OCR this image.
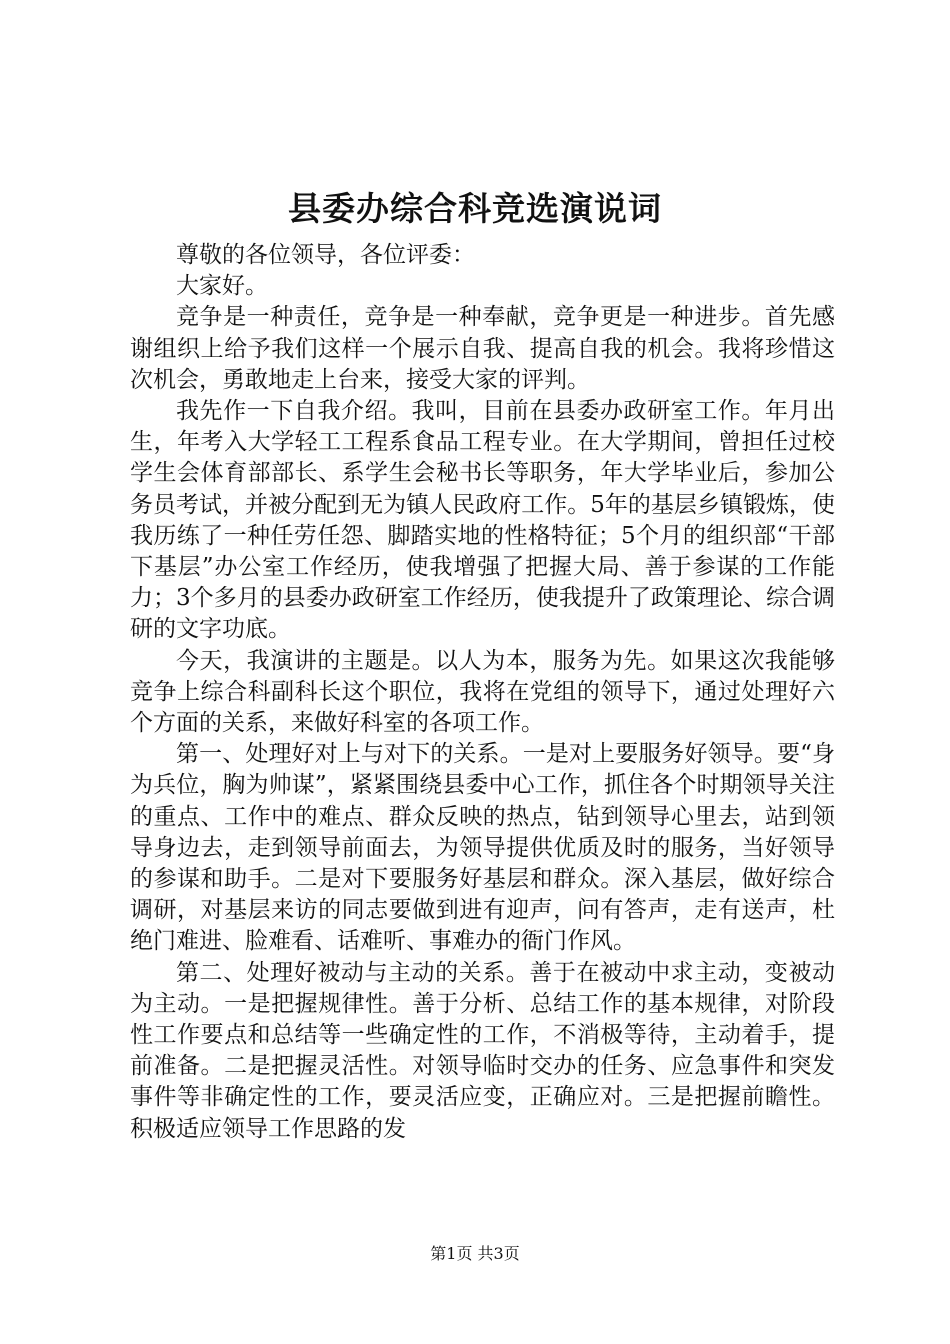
县委办综合科竞选演说词

尊敬的各位领导，各位评委：

大家好。

竞争是一种责任，竞争是一种奉献，竞争更是一种进步。首先感谢组织上给予我们这样一个展示自我、提高自我的机会。我将珍惜这次机会，勇敢地走上台来，接受大家的评判。

我先作一下自我介绍。我叫，目前在县委办政研室工作。年月出生，年考入大学轻工工程系食品工程专业。在大学期间，曾担任过校学生会体育部部长、系学生会秘书长等职务，年大学毕业后，参加公务员考试，并被分配到无为镇人民政府工作。5年的基层乡镇锻炼，使我历练了一种任劳任怨、脚踏实地的性格特征；5个月的组织部“干部下基层”办公室工作经历，使我增强了把握大局、善于参谋的工作能力；3个多月的县委办政研室工作经历，使我提升了政策理论、综合调研的文字功底。

今天，我演讲的主题是。以人为本，服务为先。如果这次我能够竞争上综合科副科长这个职位，我将在党组的领导下，通过处理好六个方面的关系，来做好科室的各项工作。

第一、处理好对上与对下的关系。一是对上要服务好领导。要“身为兵位，胸为帅谋”，紧紧围绕县委中心工作，抓住各个时期领导关注的重点、工作中的难点、群众反映的热点，钻到领导心里去，站到领导身边去，走到领导前面去，为领导提供优质及时的服务，当好领导的参谋和助手。二是对下要服务好基层和群众。深入基层，做好综合调研，对基层来访的同志要做到进有迎声，问有答声，走有送声，杜绝门难进、脸难看、话难听、事难办的衙门作风。

第二、处理好被动与主动的关系。善于在被动中求主动，变被动为主动。一是把握规律性。善于分析、总结工作的基本规律，对阶段性工作要点和总结等一些确定性的工作，不消极等待，主动着手，提前准备。二是把握灵活性。对领导临时交办的任务、应急事件和突发事件等非确定性的工作，要灵活应变，正确应对。三是把握前瞻性。积极适应领导工作思路的发

第1页 共3页
